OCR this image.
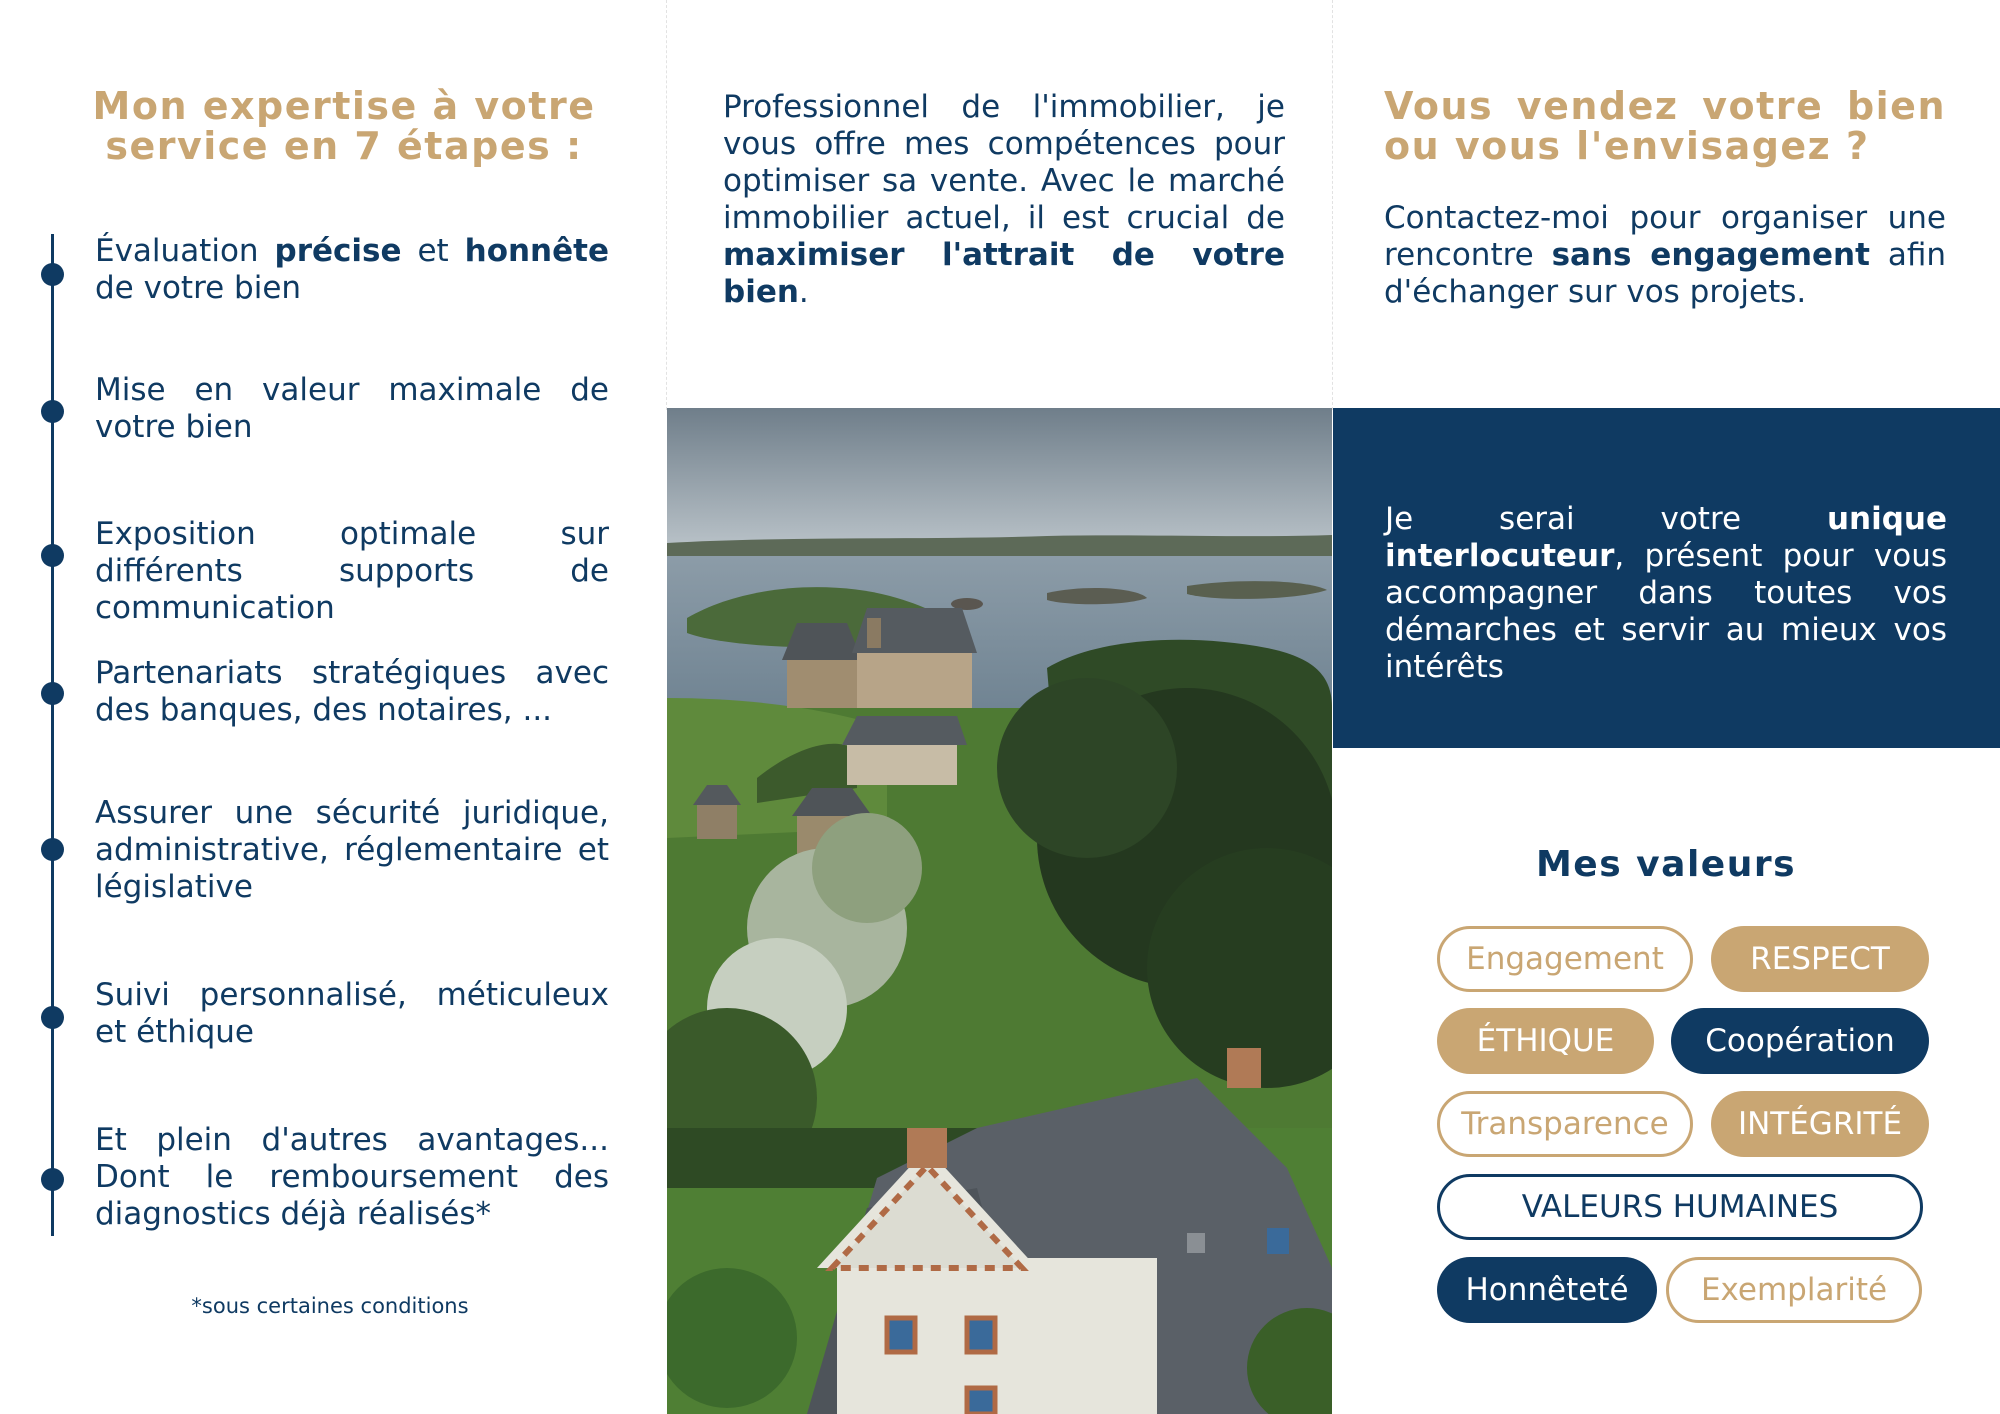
Mon expertise à votre
service en 7 étapes :
Évaluation précise et honnête de votre bien
Mise en valeur maximale de votre bien
Exposition optimale sur différents supports de communication
Partenariats stratégiques avec des banques, des notaires, ...
Assurer une sécurité juridique, administrative, réglementaire et législative
Suivi personnalisé, méticuleux et éthique
Et plein d'autres avantages... Dont le remboursement des diagnostics déjà réalisés*
*sous certaines conditions
Professionnel de l'immobilier, je vous offre mes compétences pour optimiser sa vente. Avec le marché immobilier actuel, il est crucial de maximiser l'attrait de votre bien.
Vous vendez votre bien
ou vous l'envisagez ?
Contactez-moi pour organiser une rencontre sans engagement afin d'échanger sur vos projets.
Je serai votre unique interlocuteur, présent pour vous accompagner dans toutes vos démarches et servir au mieux vos intérêts
Mes valeurs
Engagement	RESPECT
ÉTHIQUE	Coopération
Transparence	INTÉGRITÉ
VALEURS HUMAINES
Honnêteté	Exemplarité
